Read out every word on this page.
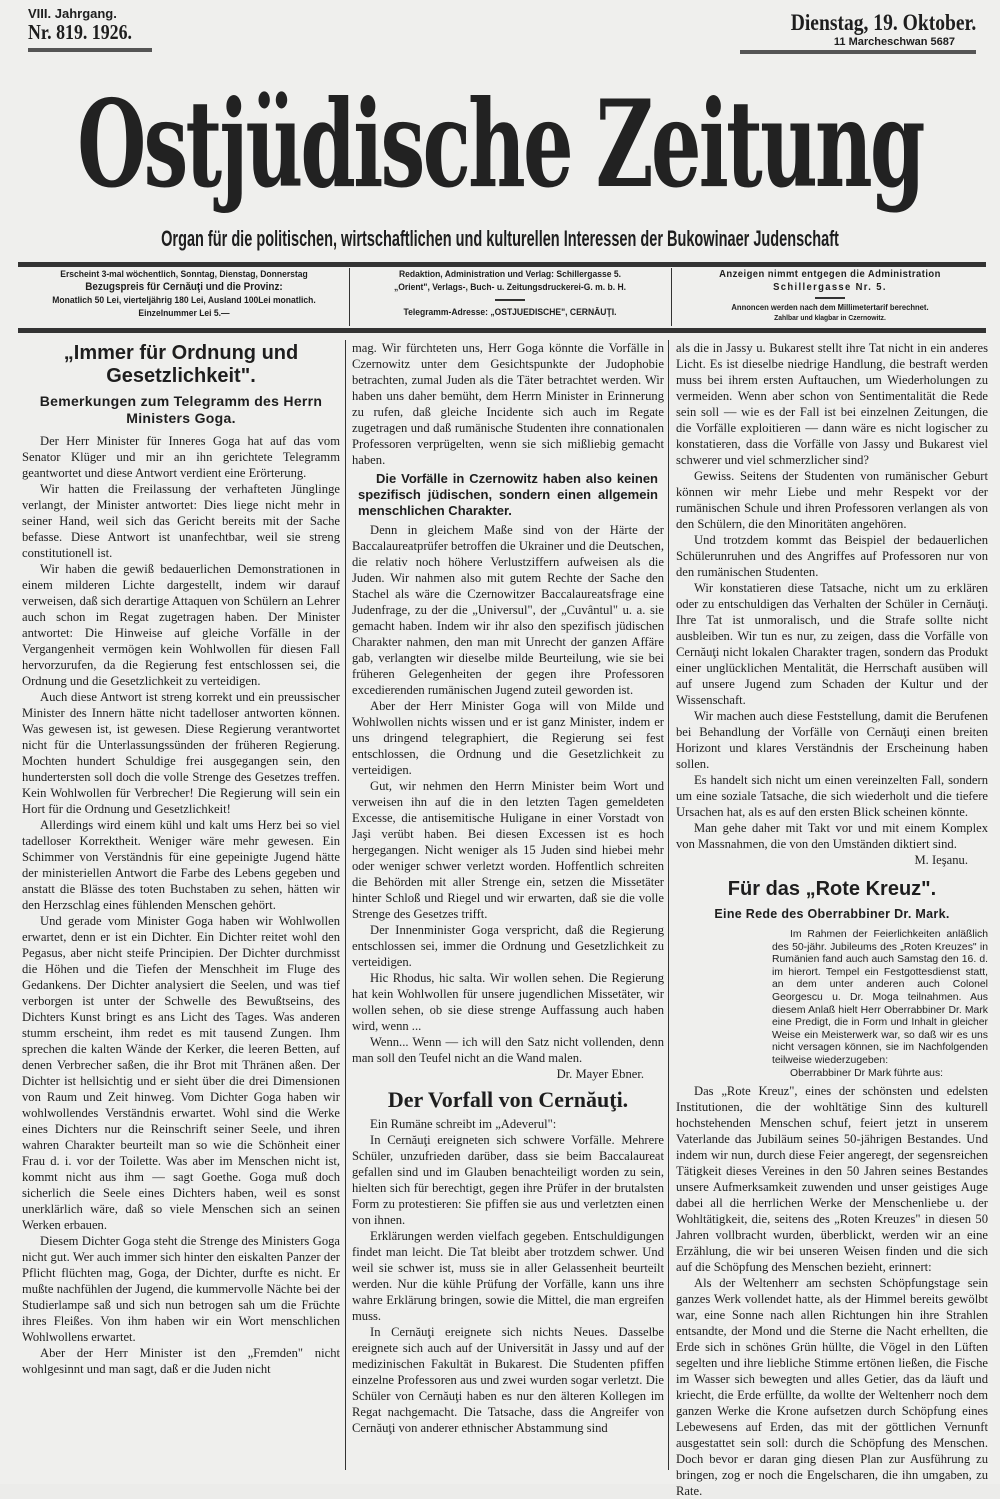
VIII. Jahrgang.
Nr. 819. 1926.	Dienstag, 19. Oktober.
11 Marcheschwan 5687
Ostjüdische Zeitung
Organ für die politischen, wirtschaftlichen und kulturellen Interessen der Bukowinaer Judenschaft
Erscheint 3-mal wöchentlich, Sonntag, Dienstag, Donnerstag
Bezugspreis für Cernăuţi und die Provinz:
Monatlich 50 Lei, vierteljährig 180 Lei, Ausland 100Lei monatlich.
Einzelnummer Lei 5.—
Redaktion, Administration und Verlag: Schillergasse 5.
„Orient", Verlags-, Buch- u. Zeitungsdruckerei-G. m. b. H.
Telegramm-Adresse: „OSTJUEDISCHE", CERNĂUŢI.
Anzeigen nimmt entgegen die Administration
Schillergasse Nr. 5.
Annoncen werden nach dem Millimetertarif berechnet.
Zahlbar und klagbar in Czernowitz.
„Immer für Ordnung und Gesetzlichkeit".
Bemerkungen zum Telegramm des Herrn Ministers Goga.

Der Herr Minister für Inneres Goga hat auf das vom Senator Klüger und mir an ihn gerichtete Telegramm geantwortet und diese Antwort verdient eine Erörterung.

Wir hatten die Freilassung der verhafteten Jünglinge verlangt, der Minister antwortet: Dies liege nicht mehr in seiner Hand, weil sich das Gericht bereits mit der Sache befasse. Diese Antwort ist unanfechtbar, weil sie streng constitutionell ist.

Wir haben die gewiß bedauerlichen Demonstrationen in einem milderen Lichte dargestellt, indem wir darauf verweisen, daß sich derartige Attaquen von Schülern an Lehrer auch schon im Regat zugetragen haben. Der Minister antwortet: Die Hinweise auf gleiche Vorfälle in der Vergangenheit vermögen kein Wohlwollen für diesen Fall hervorzurufen, da die Regierung fest entschlossen sei, die Ordnung und die Gesetzlichkeit zu verteidigen.

Auch diese Antwort ist streng korrekt und ein preussischer Minister des Innern hätte nicht tadelloser antworten können. Was gewesen ist, ist gewesen. Diese Regierung verantwortet nicht für die Unterlassungssünden der früheren Regierung. Mochten hundert Schuldige frei ausgegangen sein, den hundertersten soll doch die volle Strenge des Gesetzes treffen. Kein Wohlwollen für Verbrecher! Die Regierung will sein ein Hort für die Ordnung und Gesetzlichkeit!

Allerdings wird einem kühl und kalt ums Herz bei so viel tadelloser Korrektheit. Weniger wäre mehr gewesen. Ein Schimmer von Verständnis für eine gepeinigte Jugend hätte der ministeriellen Antwort die Farbe des Lebens gegeben und anstatt die Blässe des toten Buchstaben zu sehen, hätten wir den Herzschlag eines fühlenden Menschen gehört.

Und gerade vom Minister Goga haben wir Wohlwollen erwartet, denn er ist ein Dichter. Ein Dichter reitet wohl den Pegasus, aber nicht steife Principien. Der Dichter durchmisst die Höhen und die Tiefen der Menschheit im Fluge des Gedankens. Der Dichter analysiert die Seelen, und was tief verborgen ist unter der Schwelle des Bewußtseins, des Dichters Kunst bringt es ans Licht des Tages. Was anderen stumm erscheint, ihm redet es mit tausend Zungen. Ihm sprechen die kalten Wände der Kerker, die leeren Betten, auf denen Verbrecher saßen, die ihr Brot mit Thränen aßen. Der Dichter ist hellsichtig und er sieht über die drei Dimensionen von Raum und Zeit hinweg. Vom Dichter Goga haben wir wohlwollendes Verständnis erwartet. Wohl sind die Werke eines Dichters nur die Reinschrift seiner Seele, und ihren wahren Charakter beurteilt man so wie die Schönheit einer Frau d. i. vor der Toilette. Was aber im Menschen nicht ist, kommt nicht aus ihm — sagt Goethe. Goga muß doch sicherlich die Seele eines Dichters haben, weil es sonst unerklärlich wäre, daß so viele Menschen sich an seinen Werken erbauen.

Diesem Dichter Goga steht die Strenge des Ministers Goga nicht gut. Wer auch immer sich hinter den eiskalten Panzer der Pflicht flüchten mag, Goga, der Dichter, durfte es nicht. Er mußte nachfühlen der Jugend, die kummervolle Nächte bei der Studierlampe saß und sich nun betrogen sah um die Früchte ihres Fleißes. Von ihm haben wir ein Wort menschlichen Wohlwollens erwartet.

Aber der Herr Minister ist den „Fremden" nicht wohlgesinnt und man sagt, daß er die Juden nicht

mag. Wir fürchteten uns, Herr Goga könnte die Vorfälle in Czernowitz unter dem Gesichtspunkte der Judophobie betrachten, zumal Juden als die Täter betrachtet werden. Wir haben uns daher bemüht, dem Herrn Minister in Erinnerung zu rufen, daß gleiche Incidente sich auch im Regate zugetragen und daß rumänische Studenten ihre connationalen Professoren verprügelten, wenn sie sich mißliebig gemacht haben.

Die Vorfälle in Czernowitz haben also keinen spezifisch jüdischen, sondern einen allgemein menschlichen Charakter.

Denn in gleichem Maße sind von der Härte der Baccalaureatprüfer betroffen die Ukrainer und die Deutschen, die relativ noch höhere Verlustziffern aufweisen als die Juden. Wir nahmen also mit gutem Rechte der Sache den Stachel als wäre die Czernowitzer Baccalaureatsfrage eine Judenfrage, zu der die „Universul", der „Cuvântul" u. a. sie gemacht haben. Indem wir ihr also den spezifisch jüdischen Charakter nahmen, den man mit Unrecht der ganzen Affäre gab, verlangten wir dieselbe milde Beurteilung, wie sie bei früheren Gelegenheiten der gegen ihre Professoren excedierenden rumänischen Jugend zuteil geworden ist.

Aber der Herr Minister Goga will von Milde und Wohlwollen nichts wissen und er ist ganz Minister, indem er uns dringend telegraphiert, die Regierung sei fest entschlossen, die Ordnung und die Gesetzlichkeit zu verteidigen.

Gut, wir nehmen den Herrn Minister beim Wort und verweisen ihn auf die in den letzten Tagen gemeldeten Excesse, die antisemitische Huligane in einer Vorstadt von Jaşi verübt haben. Bei diesen Excessen ist es hoch hergegangen. Nicht weniger als 15 Juden sind hiebei mehr oder weniger schwer verletzt worden. Hoffentlich schreiten die Behörden mit aller Strenge ein, setzen die Missetäter hinter Schloß und Riegel und wir erwarten, daß sie die volle Strenge des Gesetzes trifft.

Der Innenminister Goga verspricht, daß die Regierung entschlossen sei, immer die Ordnung und Gesetzlichkeit zu verteidigen.

Hic Rhodus, hic salta. Wir wollen sehen. Die Regierung hat kein Wohlwollen für unsere jugendlichen Missetäter, wir wollen sehen, ob sie diese strenge Auffassung auch haben wird, wenn ...

Wenn... Wenn — ich will den Satz nicht vollenden, denn man soll den Teufel nicht an die Wand malen.

Dr. Mayer Ebner.
Der Vorfall von Cernăuţi.

Ein Rumäne schreibt im „Adeverul":

In Cernăuţi ereigneten sich schwere Vorfälle. Mehrere Schüler, unzufrieden darüber, dass sie beim Baccalaureat gefallen sind und im Glauben benachteiligt worden zu sein, hielten sich für berechtigt, gegen ihre Prüfer in der brutalsten Form zu protestieren: Sie pfiffen sie aus und verletzten einen von ihnen.

Erklärungen werden vielfach gegeben. Entschuldigungen findet man leicht. Die Tat bleibt aber trotzdem schwer. Und weil sie schwer ist, muss sie in aller Gelassenheit beurteilt werden. Nur die kühle Prüfung der Vorfälle, kann uns ihre wahre Erklärung bringen, sowie die Mittel, die man ergreifen muss.

In Cernăuţi ereignete sich nichts Neues. Dasselbe ereignete sich auch auf der Universität in Jassy und auf der medizinischen Fakultät in Bukarest. Die Studenten pfiffen einzelne Professoren aus und zwei wurden sogar verletzt. Die Schüler von Cernăuţi haben es nur den älteren Kollegen im Regat nachgemacht. Die Tatsache, dass die Angreifer von Cernăuţi von anderer ethnischer Abstammung sind

als die in Jassy u. Bukarest stellt ihre Tat nicht in ein anderes Licht. Es ist dieselbe niedrige Handlung, die bestraft werden muss bei ihrem ersten Auftauchen, um Wiederholungen zu vermeiden. Wenn aber schon von Sentimentalität die Rede sein soll — wie es der Fall ist bei einzelnen Zeitungen, die die Vorfälle exploitieren — dann wäre es nicht logischer zu konstatieren, dass die Vorfälle von Jassy und Bukarest viel schwerer und viel schmerzlicher sind?

Gewiss. Seitens der Studenten von rumänischer Geburt können wir mehr Liebe und mehr Respekt vor der rumänischen Schule und ihren Professoren verlangen als von den Schülern, die den Minoritäten angehören.

Und trotzdem kommt das Beispiel der bedauerlichen Schülerunruhen und des Angriffes auf Professoren nur von den rumänischen Studenten.

Wir konstatieren diese Tatsache, nicht um zu erklären oder zu entschuldigen das Verhalten der Schüler in Cernăuţi. Ihre Tat ist unmoralisch, und die Strafe sollte nicht ausbleiben. Wir tun es nur, zu zeigen, dass die Vorfälle von Cernăuţi nicht lokalen Charakter tragen, sondern das Produkt einer unglücklichen Mentalität, die Herrschaft ausüben will auf unsere Jugend zum Schaden der Kultur und der Wissenschaft.

Wir machen auch diese Feststellung, damit die Berufenen bei Behandlung der Vorfälle von Cernăuţi einen breiten Horizont und klares Verständnis der Erscheinung haben sollen.

Es handelt sich nicht um einen vereinzelten Fall, sondern um eine soziale Tatsache, die sich wiederholt und die tiefere Ursachen hat, als es auf den ersten Blick scheinen könnte.

Man gehe daher mit Takt vor und mit einem Komplex von Massnahmen, die von den Umständen diktiert sind.

M. Ieşanu.
Für das „Rote Kreuz".
Eine Rede des Oberrabbiner Dr. Mark.

Im Rahmen der Feierlichkeiten anläßlich des 50-jähr. Jubileums des „Roten Kreuzes" in Rumänien fand auch auch Samstag den 16. d. im hierort. Tempel ein Festgottesdienst statt, an dem unter anderen auch Colonel Georgescu u. Dr. Moga teilnahmen. Aus diesem Anlaß hielt Herr Oberrabbiner Dr. Mark eine Predigt, die in Form und Inhalt in gleicher Weise ein Meisterwerk war, so daß wir es uns nicht versagen können, sie im Nachfolgenden teilweise wiederzugeben:

Oberrabbiner Dr Mark führte aus:

Das „Rote Kreuz", eines der schönsten und edelsten Institutionen, die der wohltätige Sinn des kulturell hochstehenden Menschen schuf, feiert jetzt in unserem Vaterlande das Jubiläum seines 50-jährigen Bestandes. Und indem wir nun, durch diese Feier angeregt, der segensreichen Tätigkeit dieses Vereines in den 50 Jahren seines Bestandes unsere Aufmerksamkeit zuwenden und unser geistiges Auge dabei all die herrlichen Werke der Menschenliebe u. der Wohltätigkeit, die, seitens des „Roten Kreuzes" in diesen 50 Jahren vollbracht wurden, überblickt, werden wir an eine Erzählung, die wir bei unseren Weisen finden und die sich auf die Schöpfung des Menschen bezieht, erinnert:

Als der Weltenherr am sechsten Schöpfungstage sein ganzes Werk vollendet hatte, als der Himmel bereits gewölbt war, eine Sonne nach allen Richtungen hin ihre Strahlen entsandte, der Mond und die Sterne die Nacht erhellten, die Erde sich in schönes Grün hüllte, die Vögel in den Lüften segelten und ihre liebliche Stimme ertönen ließen, die Fische im Wasser sich bewegten und alles Getier, das da läuft und kriecht, die Erde erfüllte, da wollte der Weltenherr noch dem ganzen Werke die Krone aufsetzen durch Schöpfung eines Lebewesens auf Erden, das mit der göttlichen Vernunft ausgestattet sein soll: durch die Schöpfung des Menschen. Doch bevor er daran ging diesen Plan zur Ausführung zu bringen, zog er noch die Engelscharen, die ihn umgaben, zu Rate.
